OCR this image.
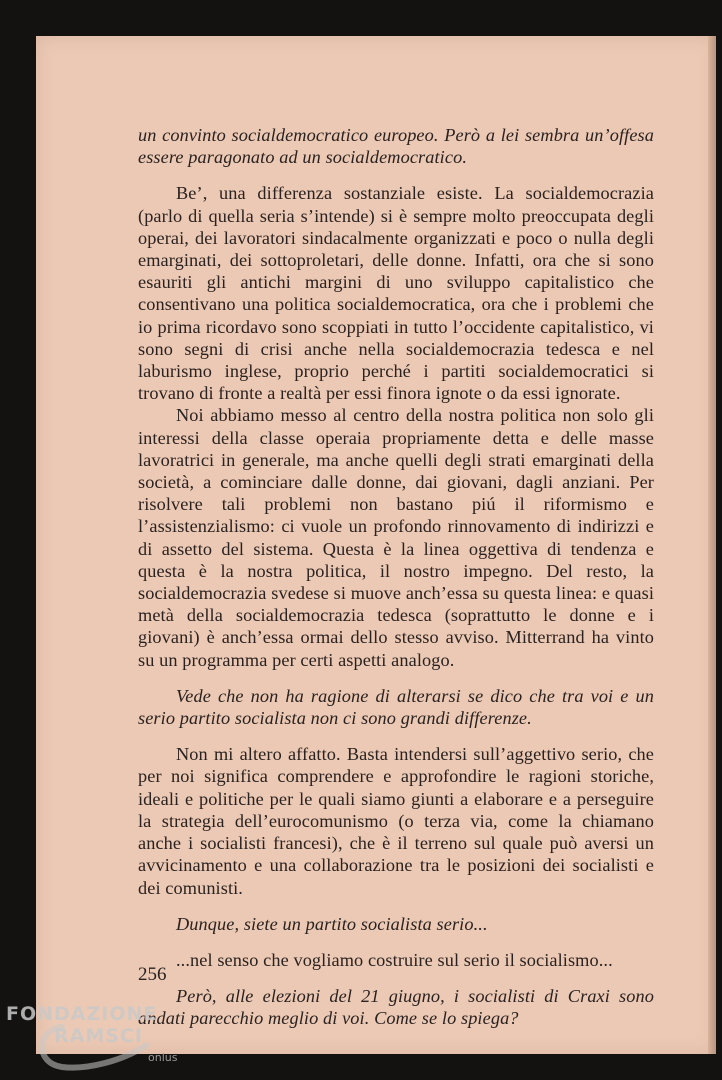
un convinto socialdemocratico europeo. Però a lei sembra un’offesa essere paragonato ad un socialdemocratico.

Be’, una differenza sostanziale esiste. La socialdemocrazia (parlo di quella seria s’intende) si è sempre molto preoccupata degli operai, dei lavoratori sindacalmente organizzati e poco o nulla degli emarginati, dei sottoproletari, delle donne. Infatti, ora che si sono esauriti gli antichi margini di uno sviluppo capitalistico che consentivano una politica socialdemocratica, ora che i problemi che io prima ricordavo sono scoppiati in tutto l’occidente capitalistico, vi sono segni di crisi anche nella socialdemocrazia tedesca e nel laburismo inglese, proprio perché i partiti socialdemocratici si trovano di fronte a realtà per essi finora ignote o da essi ignorate.

Noi abbiamo messo al centro della nostra politica non solo gli interessi della classe operaia propriamente detta e delle masse lavoratrici in generale, ma anche quelli degli strati emarginati della società, a cominciare dalle donne, dai giovani, dagli anziani. Per risolvere tali problemi non bastano piú il riformismo e l’assistenzialismo: ci vuole un profondo rinnovamento di indirizzi e di assetto del sistema. Questa è la linea oggettiva di tendenza e questa è la nostra politica, il nostro impegno. Del resto, la socialdemocrazia svedese si muove anch’essa su questa linea: e quasi metà della socialdemocrazia tedesca (soprattutto le donne e i giovani) è anch’essa ormai dello stesso avviso. Mitterrand ha vinto su un programma per certi aspetti analogo.

Vede che non ha ragione di alterarsi se dico che tra voi e un serio partito socialista non ci sono grandi differenze.

Non mi altero affatto. Basta intendersi sull’aggettivo serio, che per noi significa comprendere e approfondire le ragioni storiche, ideali e politiche per le quali siamo giunti a elaborare e a perseguire la strategia dell’eurocomunismo (o terza via, come la chiamano anche i socialisti francesi), che è il terreno sul quale può aversi un avvicinamento e una collaborazione tra le posizioni dei socialisti e dei comunisti.

Dunque, siete un partito socialista serio...

...nel senso che vogliamo costruire sul serio il socialismo...

Però, alle elezioni del 21 giugno, i socialisti di Craxi sono andati parecchio meglio di voi. Come se lo spiega?

256
FONDAZIONE
RAMSCI
onlus
